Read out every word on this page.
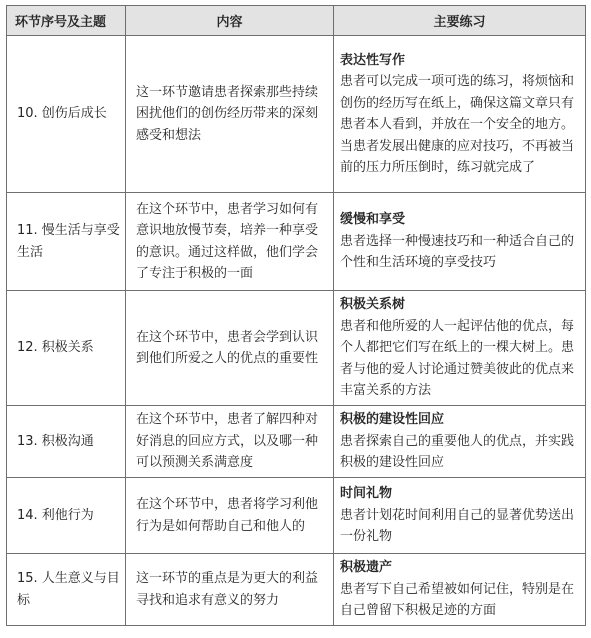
环节序号及主题	内容	主要练习
10. 创伤后成长	这一环节邀请患者探索那些持续困扰他们的创伤经历带来的深刻感受和想法	表达性写作
患者可以完成一项可选的练习，将烦恼和创伤的经历写在纸上，确保这篇文章只有患者本人看到，并放在一个安全的地方。当患者发展出健康的应对技巧，不再被当前的压力所压倒时，练习就完成了

11. 慢生活与享受生活	在这个环节中，患者学习如何有意识地放慢节奏，培养一种享受的意识。通过这样做，他们学会了专注于积极的一面	缓慢和享受
患者选择一种慢速技巧和一种适合自己的个性和生活环境的享受技巧

12. 积极关系	在这个环节中，患者会学到认识到他们所爱之人的优点的重要性	积极关系树
患者和他所爱的人一起评估他的优点，每个人都把它们写在纸上的一棵大树上。患者与他的爱人讨论通过赞美彼此的优点来丰富关系的方法

13. 积极沟通	在这个环节中，患者了解四种对好消息的回应方式，以及哪一种可以预测关系满意度	积极的建设性回应
患者探索自己的重要他人的优点，并实践积极的建设性回应

14. 利他行为	在这个环节中，患者将学习利他行为是如何帮助自己和他人的	时间礼物
患者计划花时间利用自己的显著优势送出一份礼物

15. 人生意义与目标	这一环节的重点是为更大的利益寻找和追求有意义的努力	积极遗产
患者写下自己希望被如何记住，特别是在自己曾留下积极足迹的方面
